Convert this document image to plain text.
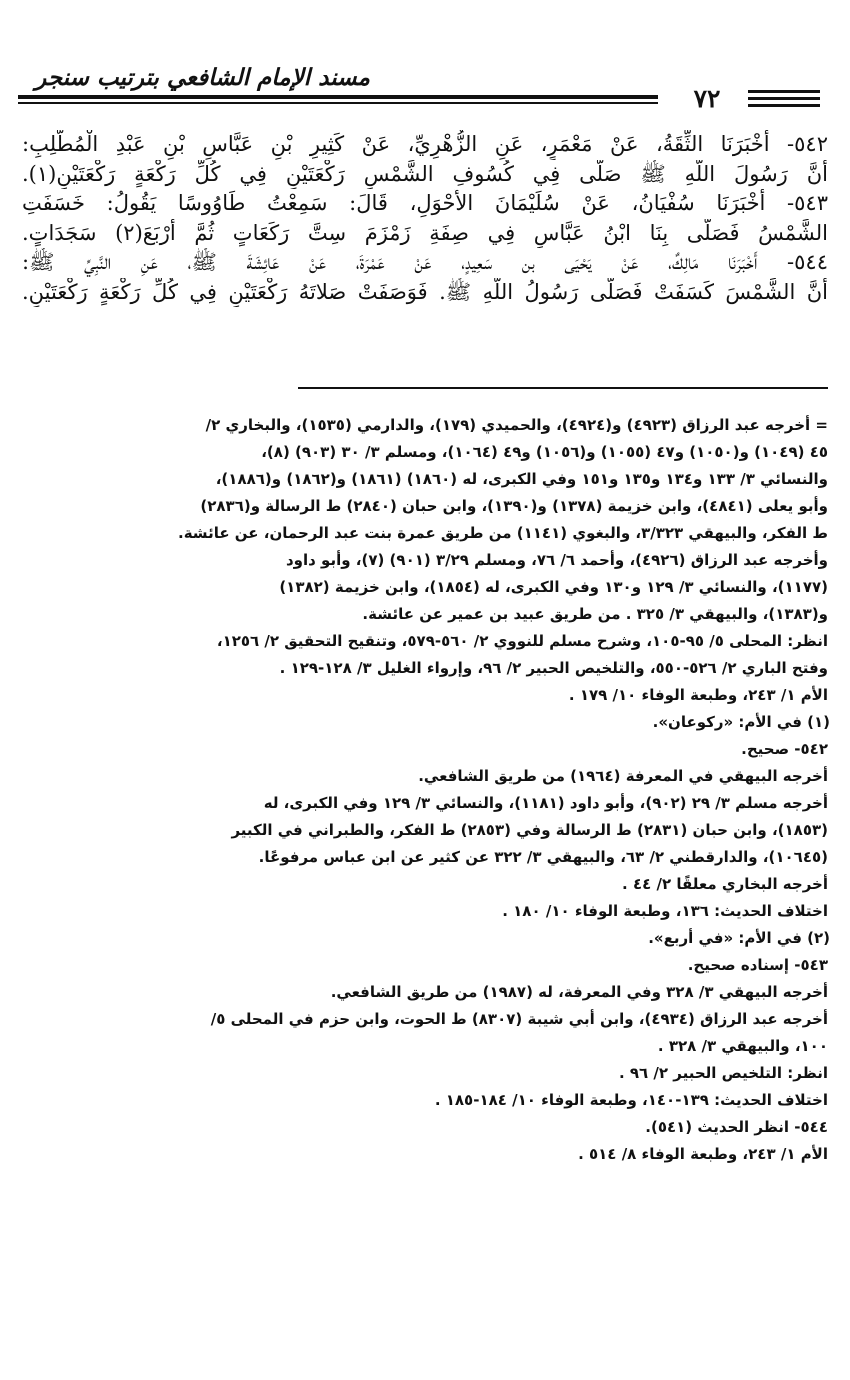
مسند الإمام الشافعي بترتيب سنجر
٧٢
٥٤٢- أَخْبَرَنَا الثِّقَةُ، عَنْ مَعْمَرٍ، عَنِ الزُّهْرِيِّ، عَنْ كَثِيرِ بْنِ عَبَّاسِ بْنِ عَبْدِ الْمُطَّلِبِ:
أَنَّ رَسُولَ اللَّهِ ﷺ صَلَّى فِي كُسُوفِ الشَّمْسِ رَكْعَتَيْنِ فِي كُلِّ رَكْعَةٍ رَكْعَتَيْنِ(١).
٥٤٣- أَخْبَرَنَا سُفْيَانُ، عَنْ سُلَيْمَانَ الأَحْوَلِ، قَالَ: سَمِعْتُ طَاوُوسًا يَقُولُ: خَسَفَتِ
الشَّمْسُ فَصَلَّى بِنَا ابْنُ عَبَّاسٍ فِي صِفَةِ زَمْزَمَ سِتَّ رَكَعَاتٍ ثُمَّ أَرْبَعَ(٢) سَجَدَاتٍ.
٥٤٤- أَخْبَرَنَا مَالِكٌ، عَنْ يَحْيَى بن سَعِيدٍ، عَنْ عَمْرَةَ، عَنْ عَائِشَةَ ﷺ، عَنِ النَّبِيِّ ﷺ:
أَنَّ الشَّمْسَ كَسَفَتْ فَصَلَّى رَسُولُ اللَّهِ ﷺ. فَوَصَفَتْ صَلاتَهُ رَكْعَتَيْنِ فِي كُلِّ رَكْعَةٍ رَكْعَتَيْنِ.
= أخرجه عبد الرزاق (٤٩٢٣) و(٤٩٢٤)، والحميدي (١٧٩)، والدارمي (١٥٣٥)، والبخاري ٢/
٤٥ (١٠٤٩) و(١٠٥٠) و٤٧ (١٠٥٥) و(١٠٥٦) و٤٩ (١٠٦٤)، ومسلم ٣/ ٣٠ (٩٠٣) (٨)،
والنسائي ٣/ ١٣٣ و١٣٤ و١٣٥ و١٥١ وفي الكبرى، له (١٨٦٠) (١٨٦١) و(١٨٦٢) و(١٨٨٦)،
وأبو يعلى (٤٨٤١)، وابن خزيمة (١٣٧٨) و(١٣٩٠)، وابن حبان (٢٨٤٠) ط الرسالة و(٢٨٣٦)
ط الفكر، والبيهقي ٣/٣٢٣، والبغوي (١١٤١) من طريق عمرة بنت عبد الرحمان، عن عائشة.
وأخرجه عبد الرزاق (٤٩٢٦)، وأحمد ٦/ ٧٦، ومسلم ٣/٢٩ (٩٠١) (٧)، وأبو داود
(١١٧٧)، والنسائي ٣/ ١٢٩ و١٣٠ وفي الكبرى، له (١٨٥٤)، وابن خزيمة (١٣٨٢)
و(١٣٨٣)، والبيهقي ٣/ ٣٢٥ . من طريق عبيد بن عمير عن عائشة.
انظر: المحلى ٥/ ٩٥-١٠٥، وشرح مسلم للنووي ٢/ ٥٦٠-٥٧٩، وتنقيح التحقيق ٢/ ١٢٥٦،
وفتح الباري ٢/ ٥٢٦-٥٥٠، والتلخيص الحبير ٢/ ٩٦، وإرواء الغليل ٣/ ١٢٨-١٢٩ .
الأم ١/ ٢٤٣، وطبعة الوفاء ١٠/ ١٧٩ .
(١) في الأم: «ركوعان».
٥٤٢- صحيح.
أخرجه البيهقي في المعرفة (١٩٦٤) من طريق الشافعي.
أخرجه مسلم ٣/ ٢٩ (٩٠٢)، وأبو داود (١١٨١)، والنسائي ٣/ ١٢٩ وفي الكبرى، له
(١٨٥٣)، وابن حبان (٢٨٣١) ط الرسالة وفي (٢٨٥٣) ط الفكر، والطبراني في الكبير
(١٠٦٤٥)، والدارقطني ٢/ ٦٣، والبيهقي ٣/ ٣٢٢ عن كثير عن ابن عباس مرفوعًا.
أخرجه البخاري معلقًا ٢/ ٤٤ .
اختلاف الحديث: ١٣٦، وطبعة الوفاء ١٠/ ١٨٠ .
(٢) في الأم: «في أربع».
٥٤٣- إسناده صحيح.
أخرجه البيهقي ٣/ ٣٢٨ وفي المعرفة، له (١٩٨٧) من طريق الشافعي.
أخرجه عبد الرزاق (٤٩٣٤)، وابن أبي شيبة (٨٣٠٧) ط الحوت، وابن حزم في المحلى ٥/
١٠٠، والبيهقي ٣/ ٣٢٨ .
انظر: التلخيص الحبير ٢/ ٩٦ .
اختلاف الحديث: ١٣٩-١٤٠، وطبعة الوفاء ١٠/ ١٨٤-١٨٥ .
٥٤٤- انظر الحديث (٥٤١).
الأم ١/ ٢٤٣، وطبعة الوفاء ٨/ ٥١٤ .
